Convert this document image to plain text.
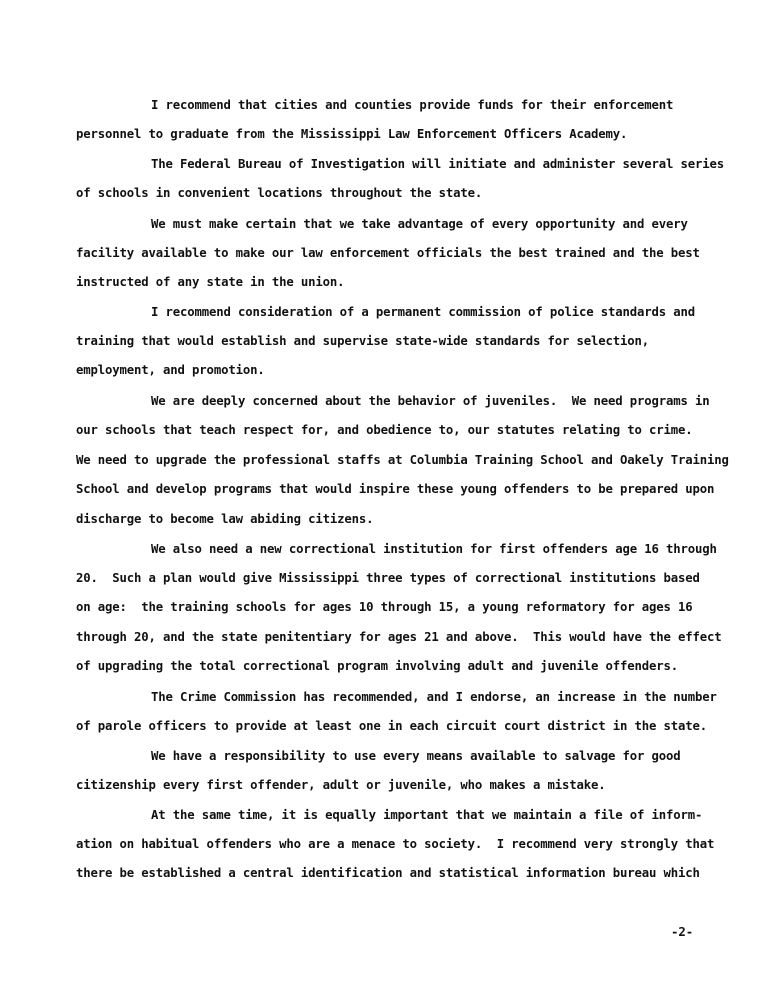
I recommend that cities and counties provide funds for their enforcement
personnel to graduate from the Mississippi Law Enforcement Officers Academy.
The Federal Bureau of Investigation will initiate and administer several series
of schools in convenient locations throughout the state.
We must make certain that we take advantage of every opportunity and every
facility available to make our law enforcement officials the best trained and the best
instructed of any state in the union.
I recommend consideration of a permanent commission of police standards and
training that would establish and supervise state-wide standards for selection,
employment, and promotion.
We are deeply concerned about the behavior of juveniles.  We need programs in
our schools that teach respect for, and obedience to, our statutes relating to crime.
We need to upgrade the professional staffs at Columbia Training School and Oakely Training
School and develop programs that would inspire these young offenders to be prepared upon
discharge to become law abiding citizens.
We also need a new correctional institution for first offenders age 16 through
20.  Such a plan would give Mississippi three types of correctional institutions based
on age:  the training schools for ages 10 through 15, a young reformatory for ages 16
through 20, and the state penitentiary for ages 21 and above.  This would have the effect
of upgrading the total correctional program involving adult and juvenile offenders.
The Crime Commission has recommended, and I endorse, an increase in the number
of parole officers to provide at least one in each circuit court district in the state.
We have a responsibility to use every means available to salvage for good
citizenship every first offender, adult or juvenile, who makes a mistake.
At the same time, it is equally important that we maintain a file of inform-
ation on habitual offenders who are a menace to society.  I recommend very strongly that
there be established a central identification and statistical information bureau which
-2-
